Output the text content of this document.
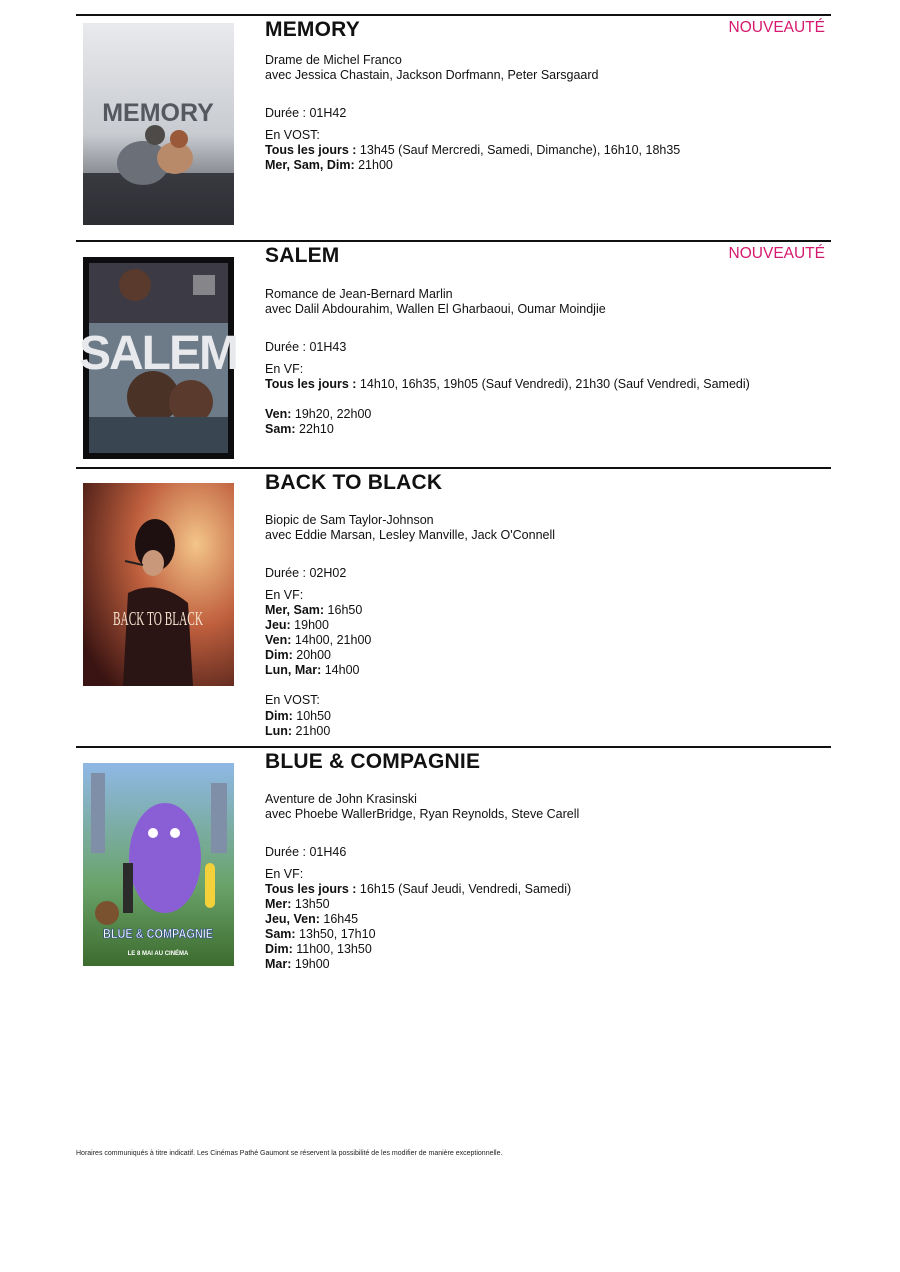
MEMORY
MEMORY	NOUVEAUTÉ
Drame de Michel Franco
avec Jessica Chastain, Jackson Dorfmann, Peter Sarsgaard
Durée : 01H42
En VOST:
Tous les jours : 13h45 (Sauf Mercredi, Samedi, Dimanche), 16h10, 18h35
Mer, Sam, Dim: 21h00
SALEM
SALEM	NOUVEAUTÉ
Romance de Jean-Bernard Marlin
avec Dalil Abdourahim, Wallen El Gharbaoui, Oumar Moindjie
Durée : 01H43
En VF:
Tous les jours : 14h10, 16h35, 19h05 (Sauf Vendredi), 21h30 (Sauf Vendredi, Samedi)
Ven: 19h20, 22h00
Sam: 22h10
BACK TO BLACK
BACK TO BLACK
Biopic de Sam Taylor-Johnson
avec Eddie Marsan, Lesley Manville, Jack O'Connell
Durée : 02H02
En VF:
Mer, Sam: 16h50
Jeu: 19h00
Ven: 14h00, 21h00
Dim: 20h00
Lun, Mar: 14h00
En VOST:
Dim: 10h50
Lun: 21h00
BLUE & COMPAGNIE
LE 8 MAI AU CINÉMA
BLUE & COMPAGNIE
Aventure de John Krasinski
avec Phoebe WallerBridge, Ryan Reynolds, Steve Carell
Durée : 01H46
En VF:
Tous les jours : 16h15 (Sauf Jeudi, Vendredi, Samedi)
Mer: 13h50
Jeu, Ven: 16h45
Sam: 13h50, 17h10
Dim: 11h00, 13h50
Mar: 19h00
Horaires communiqués à titre indicatif. Les Cinémas Pathé Gaumont se réservent la possibilité de les modifier de manière exceptionnelle.
